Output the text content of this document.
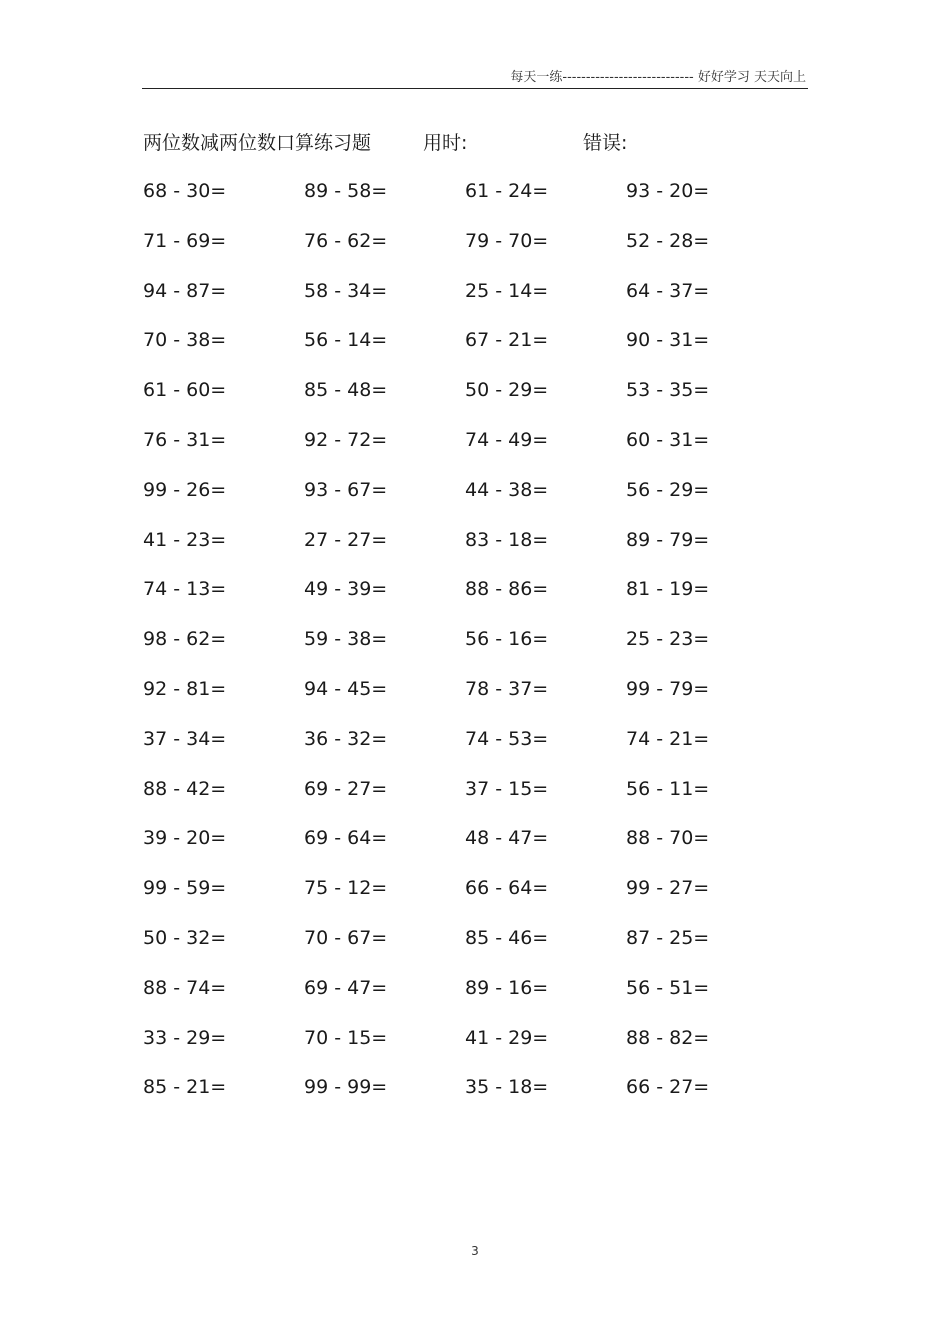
每天一练---------------------------- 好好学习 天天向上
两位数减两位数口算练习题	用时:	错误:
68 - 30=	89 - 58=	61 - 24=	93 - 20=
71 - 69=	76 - 62=	79 - 70=	52 - 28=
94 - 87=	58 - 34=	25 - 14=	64 - 37=
70 - 38=	56 - 14=	67 - 21=	90 - 31=
61 - 60=	85 - 48=	50 - 29=	53 - 35=
76 - 31=	92 - 72=	74 - 49=	60 - 31=
99 - 26=	93 - 67=	44 - 38=	56 - 29=
41 - 23=	27 - 27=	83 - 18=	89 - 79=
74 - 13=	49 - 39=	88 - 86=	81 - 19=
98 - 62=	59 - 38=	56 - 16=	25 - 23=
92 - 81=	94 - 45=	78 - 37=	99 - 79=
37 - 34=	36 - 32=	74 - 53=	74 - 21=
88 - 42=	69 - 27=	37 - 15=	56 - 11=
39 - 20=	69 - 64=	48 - 47=	88 - 70=
99 - 59=	75 - 12=	66 - 64=	99 - 27=
50 - 32=	70 - 67=	85 - 46=	87 - 25=
88 - 74=	69 - 47=	89 - 16=	56 - 51=
33 - 29=	70 - 15=	41 - 29=	88 - 82=
85 - 21=	99 - 99=	35 - 18=	66 - 27=
3
